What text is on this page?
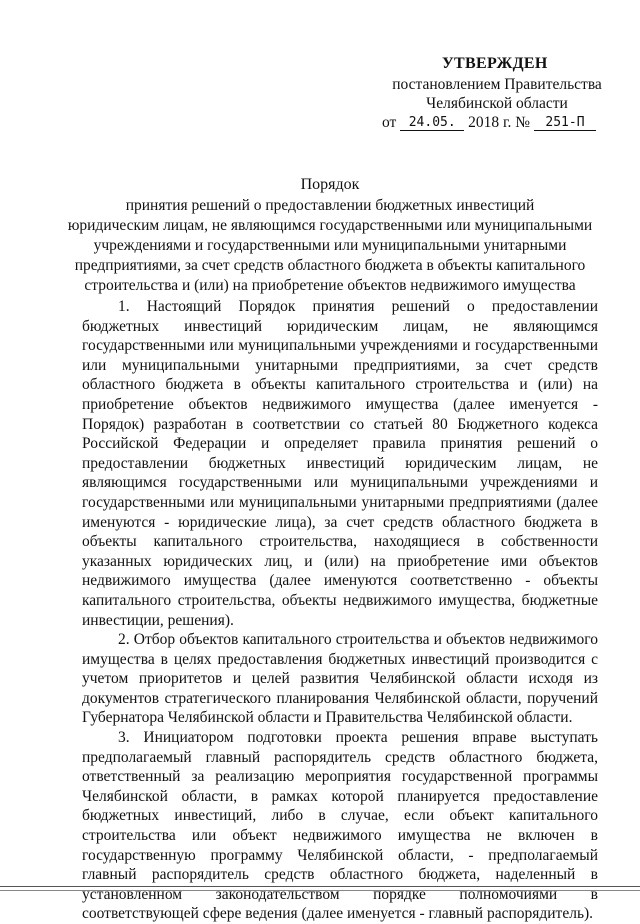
УТВЕРЖДЕН
постановлением Правительства
Челябинской области
от 24.05. 2018 г. № 251-П
Порядок
принятия решений о предоставлении бюджетных инвестиций
юридическим лицам, не являющимся государственными или муниципальными
учреждениями и государственными или муниципальными унитарными
предприятиями, за счет средств областного бюджета в объекты капитального
строительства и (или) на приобретение объектов недвижимого имущества

1. Настоящий Порядок принятия решений о предоставлении бюджетных инвестиций юридическим лицам, не являющимся государственными или муниципальными учреждениями и государственными или муниципальными унитарными предприятиями, за счет средств областного бюджета в объекты капитального строительства и (или) на приобретение объектов недвижимого имущества (далее именуется - Порядок) разработан в соответствии со статьей 80 Бюджетного кодекса Российской Федерации и определяет правила принятия решений о предоставлении бюджетных инвестиций юридическим лицам, не являющимся государственными или муниципальными учреждениями и государственными или муниципальными унитарными предприятиями (далее именуются - юридические лица), за счет средств областного бюджета в объекты капитального строительства, находящиеся в собственности указанных юридических лиц, и (или) на приобретение ими объектов недвижимого имущества (далее именуются соответственно - объекты капитального строительства, объекты недвижимого имущества, бюджетные инвестиции, решения).

2. Отбор объектов капитального строительства и объектов недвижимого имущества в целях предоставления бюджетных инвестиций производится с учетом приоритетов и целей развития Челябинской области исходя из документов стратегического планирования Челябинской области, поручений Губернатора Челябинской области и Правительства Челябинской области.

3. Инициатором подготовки проекта решения вправе выступать предполагаемый главный распорядитель средств областного бюджета, ответственный за реализацию мероприятия государственной программы Челябинской области, в рамках которой планируется предоставление бюджетных инвестиций, либо в случае, если объект капитального строительства или объект недвижимого имущества не включен в государственную программу Челябинской области, - предполагаемый главный распорядитель средств областного бюджета, наделенный в установленном законодательством порядке полномочиями в соответствующей сфере ведения (далее именуется - главный распорядитель).
